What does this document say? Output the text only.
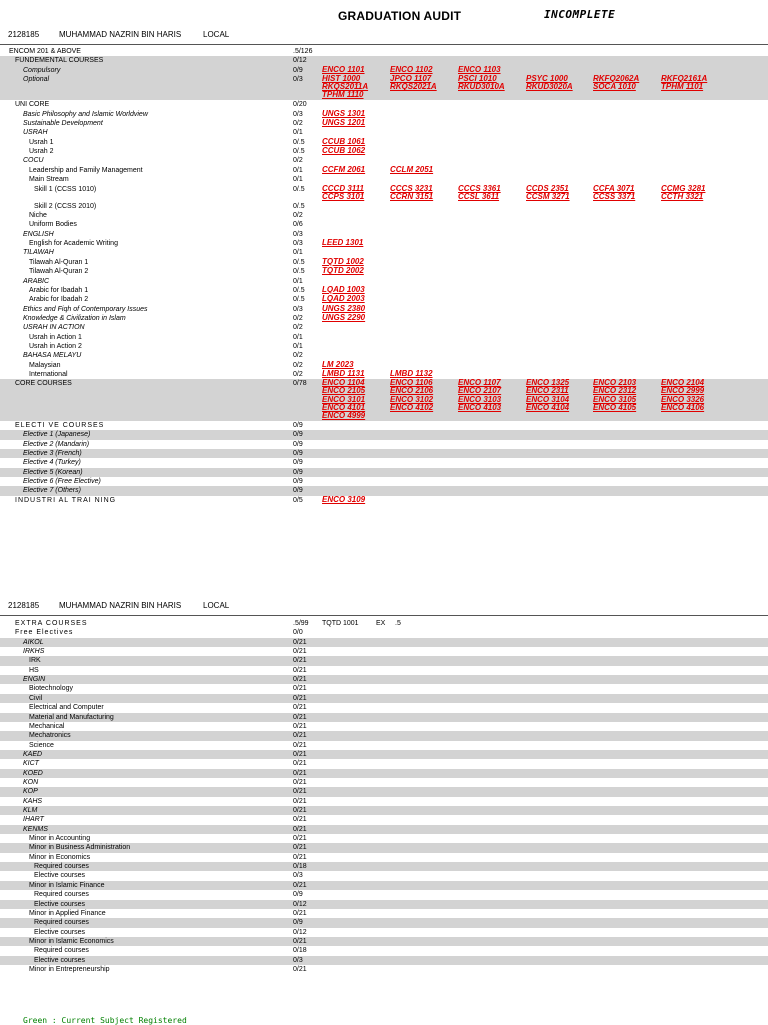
GRADUATION AUDIT	INCOMPLETE
2128185 MUHAMMAD NAZRIN BIN HARIS	LOCAL
ENCOM 201 & ABOVE	.5/126
FUNDEMENTAL COURSES	0/12
Compulsory	0/9 ENCO 1101	ENCO 1102	ENCO 1103
Optional	0/3 HIST 1000	JPCO 1107	PSCI 1010	PSYC 1000	RKFQ2062A	RKFQ2161A
RKQS2011A	RKQS2021A	RKUD3010A	RKUD3020A	SOCA 1010	TPHM 1101
TPHM 1110
UNI CORE	0/20
Basic Philosophy and Islamic Worldview	0/3 UNGS 1301
Sustainable Development	0/2 UNGS 1201
USRAH	0/1
Usrah 1	0/.5 CCUB 1061
Usrah 2	0/.5 CCUB 1062
COCU	0/2
Leadership and Family Management	0/1 CCFM 2061	CCLM 2051
Main Stream	0/1
Skill 1 (CCSS 1010)	0/.5 CCCD 3111	CCCS 3231	CCCS 3361	CCDS 2351	CCFA 3071	CCMG 3281
CCPS 3101	CCRN 3151	CCSL 3611	CCSM 3271	CCSS 3371	CCTH 3321
Skill 2 (CCSS 2010)	0/.5
Niche	0/2
Uniform Bodies	0/6
ENGLISH	0/3
English for Academic Writing	0/3 LEED 1301
TILAWAH	0/1
Tilawah Al-Quran 1	0/.5 TQTD 1002
Tilawah Al-Quran 2	0/.5 TQTD 2002
ARABIC	0/1
Arabic for Ibadah 1	0/.5 LQAD 1003
Arabic for Ibadah 2	0/.5 LQAD 2003
Ethics and Fiqh of Contemporary Issues	0/3 UNGS 2380
Knowledge & Civilization in Islam	0/2 UNGS 2290
USRAH IN ACTION	0/2
Usrah in Action 1	0/1
Usrah in Action 2	0/1
BAHASA MELAYU	0/2
Malaysian	0/2 LM 2023
International	0/2 LMBD 1131	LMBD 1132
CORE COURSES	0/78 ENCO 1104	ENCO 1106	ENCO 1107	ENCO 1325	ENCO 2103	ENCO 2104
ENCO 2105	ENCO 2106	ENCO 2107	ENCO 2311	ENCO 2312	ENCO 2999
ENCO 3101	ENCO 3102	ENCO 3103	ENCO 3104	ENCO 3105	ENCO 3326
ENCO 4101	ENCO 4102	ENCO 4103	ENCO 4104	ENCO 4105	ENCO 4106
ENCO 4999
ELECTI VE COURSES	0/9
Elective 1 (Japanese)	0/9
Elective 2 (Mandarin)	0/9
Elective 3 (French)	0/9
Elective 4 (Turkey)	0/9
Elective 5 (Korean)	0/9
Elective 6 (Free Elective)	0/9
Elective 7 (Others)	0/9
INDUSTRI AL TRAI NING	0/5 ENCO 3109
2128185 MUHAMMAD NAZRIN BIN HARIS	LOCAL
EXTRA COURSES	.5/99 TQTD 1001 EX .5
Free Electives	0/0
AIKOL	0/21
IRKHS	0/21
IRK	0/21
HS	0/21
ENGIN	0/21
Biotechnology	0/21
Civil	0/21
Electrical and Computer	0/21
Material and Manufacturing	0/21
Mechanical	0/21
Mechatronics	0/21
Science	0/21
KAED	0/21
KICT	0/21
KOED	0/21
KON	0/21
KOP	0/21
KAHS	0/21
KLM	0/21
IHART	0/21
KENMS	0/21
Minor in Accounting	0/21
Minor in Business Administration	0/21
Minor in Economics	0/21
Required courses	0/18
Elective courses	0/3
Minor in Islamic Finance	0/21
Required courses	0/9
Elective courses	0/12
Minor in Applied Finance	0/21
Required courses	0/9
Elective courses	0/12
Minor in Islamic Economics	0/21
Required courses	0/18
Elective courses	0/3
Minor in Entrepreneurship	0/21
Green : Current Subject Registered
